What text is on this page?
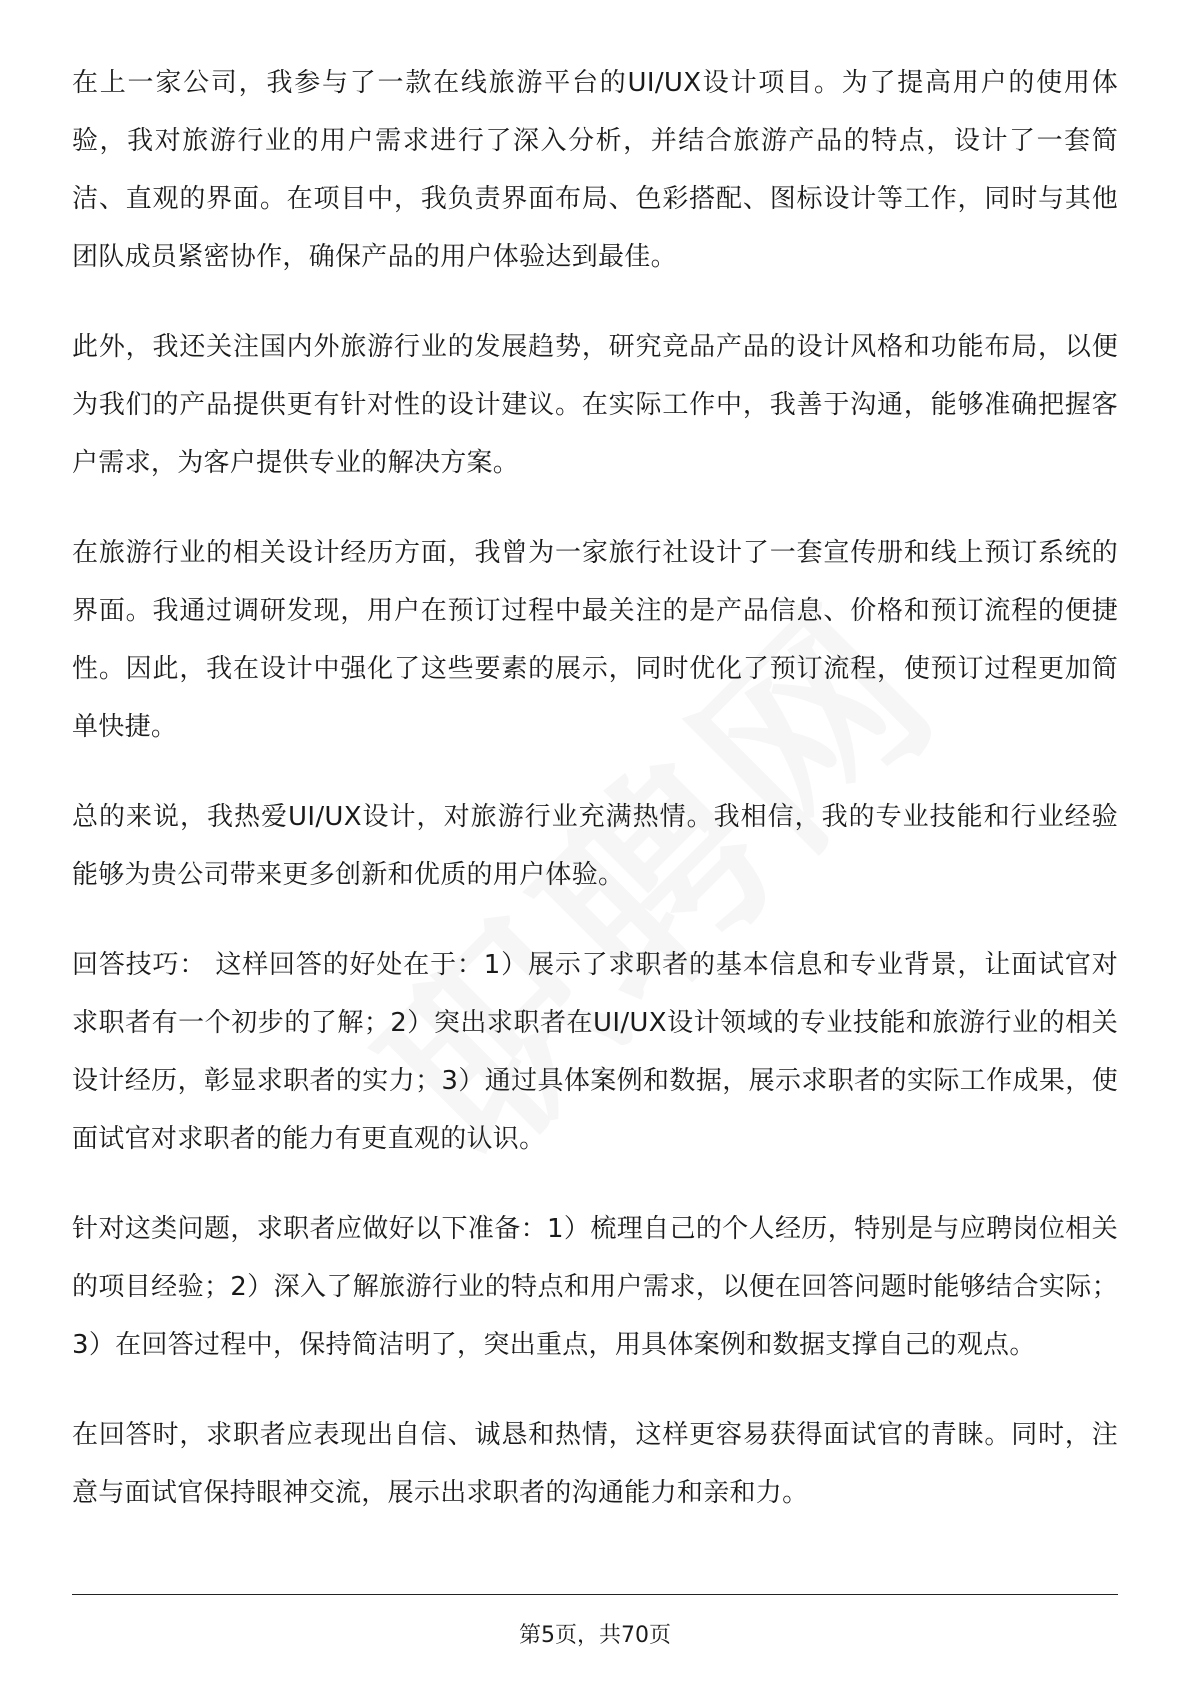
在上一家公司，我参与了一款在线旅游平台的UI/UX设计项目。为了提高用户的使用体验，我对旅游行业的用户需求进行了深入分析，并结合旅游产品的特点，设计了一套简洁、直观的界面。在项目中，我负责界面布局、色彩搭配、图标设计等工作，同时与其他团队成员紧密协作，确保产品的用户体验达到最佳。

此外，我还关注国内外旅游行业的发展趋势，研究竞品产品的设计风格和功能布局，以便为我们的产品提供更有针对性的设计建议。在实际工作中，我善于沟通，能够准确把握客户需求，为客户提供专业的解决方案。

在旅游行业的相关设计经历方面，我曾为一家旅行社设计了一套宣传册和线上预订系统的界面。我通过调研发现，用户在预订过程中最关注的是产品信息、价格和预订流程的便捷性。因此，我在设计中强化了这些要素的展示，同时优化了预订流程，使预订过程更加简单快捷。

总的来说，我热爱UI/UX设计，对旅游行业充满热情。我相信，我的专业技能和行业经验能够为贵公司带来更多创新和优质的用户体验。

回答技巧： 这样回答的好处在于：1）展示了求职者的基本信息和专业背景，让面试官对求职者有一个初步的了解；2）突出求职者在UI/UX设计领域的专业技能和旅游行业的相关设计经历，彰显求职者的实力；3）通过具体案例和数据，展示求职者的实际工作成果，使面试官对求职者的能力有更直观的认识。

针对这类问题，求职者应做好以下准备：1）梳理自己的个人经历，特别是与应聘岗位相关的项目经验；2）深入了解旅游行业的特点和用户需求，以便在回答问题时能够结合实际；3）在回答过程中，保持简洁明了，突出重点，用具体案例和数据支撑自己的观点。

在回答时，求职者应表现出自信、诚恳和热情，这样更容易获得面试官的青睐。同时，注意与面试官保持眼神交流，展示出求职者的沟通能力和亲和力。

第5页，共70页
